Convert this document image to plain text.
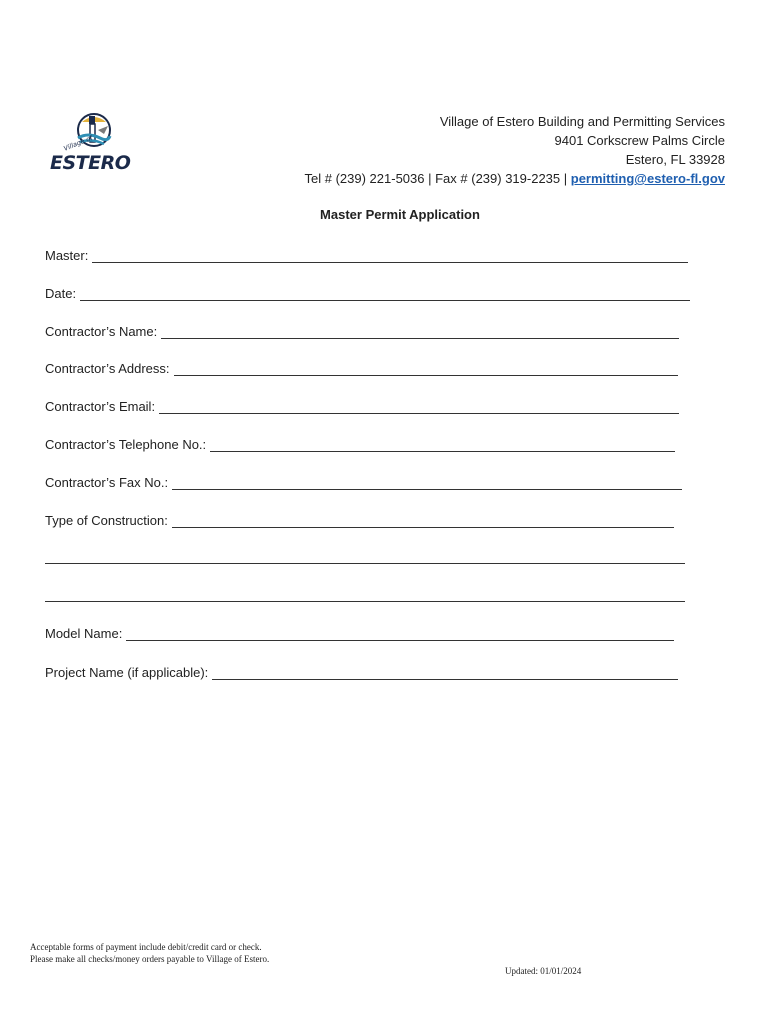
Village of
ESTERO
Village of Estero Building and Permitting Services
9401 Corkscrew Palms Circle
Estero, FL 33928
Tel # (239) 221-5036 | Fax # (239) 319-2235 | permitting@estero-fl.gov
Master Permit Application
Master:
Date:
Contractor’s Name:
Contractor’s Address:
Contractor’s Email:
Contractor’s Telephone No.:
Contractor’s Fax No.:
Type of Construction:
Model Name:
Project Name (if applicable):
Acceptable forms of payment include debit/credit card or check.
Please make all checks/money orders payable to Village of Estero.
Updated: 01/01/2024
